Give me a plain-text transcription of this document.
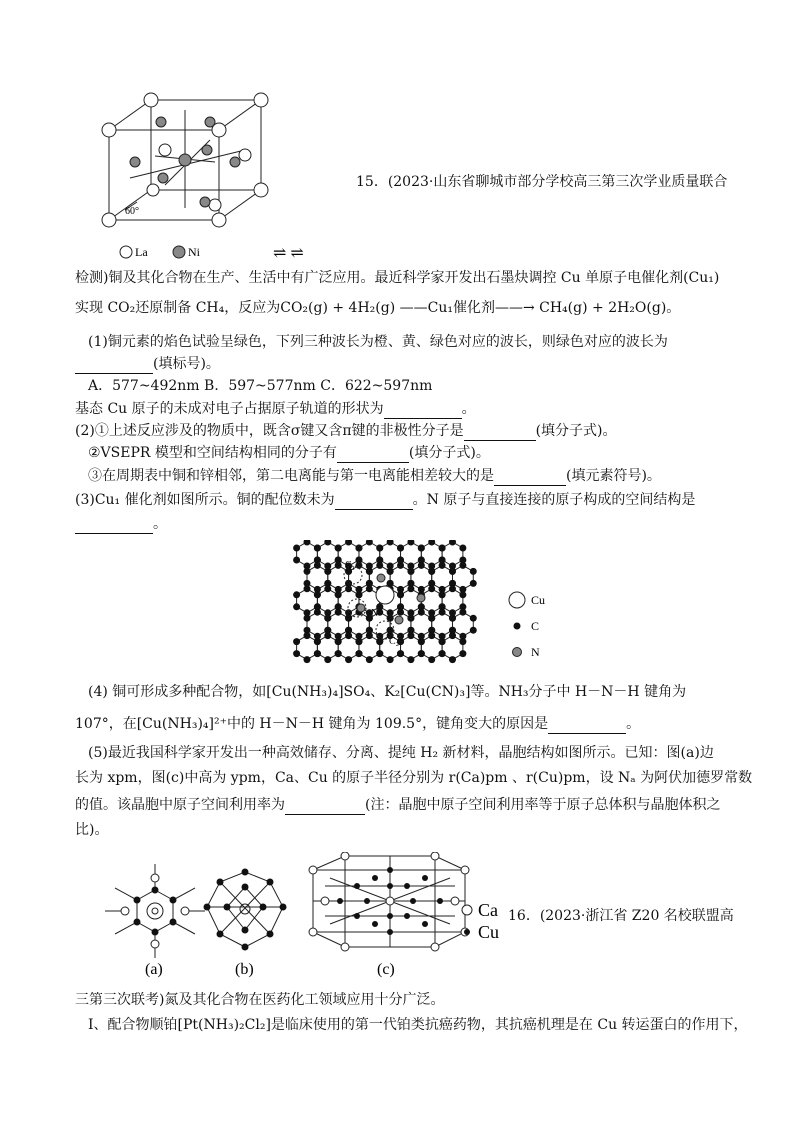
60°
La	Ni	⇌ ⇌
15．(2023·山东省聊城市部分学校高三第三次学业质量联合
检测)铜及其化合物在生产、生活中有广泛应用。最近科学家开发出石墨炔调控 Cu 单原子电催化剂(Cu₁)
实现 CO₂还原制备 CH₄，反应为CO₂(g) + 4H₂(g) ——Cu₁催化剂——→ CH₄(g) + 2H₂O(g)。
(1)铜元素的焰色试验呈绿色，下列三种波长为橙、黄、绿色对应的波长，则绿色对应的波长为
(填标号)。
A．577~492nm B．597~577nm C．622~597nm
基态 Cu 原子的未成对电子占据原子轨道的形状为	。
(2)①上述反应涉及的物质中，既含σ键又含π键的非极性分子是	(填分子式)。
②VSEPR 模型和空间结构相同的分子有	(填分子式)。
③在周期表中铜和锌相邻，第二电离能与第一电离能相差较大的是	(填元素符号)。
(3)Cu₁ 催化剂如图所示。铜的配位数未为	。N 原子与直接连接的原子构成的空间结构是
。
C₁
N
C₂
Cu
C
N
(4) 铜可形成多种配合物，如[Cu(NH₃)₄]SO₄、K₂[Cu(CN)₃]等。NH₃分子中 H－N－H 键角为
107°，在[Cu(NH₃)₄]²⁺中的 H－N－H 键角为 109.5°，键角变大的原因是	。
(5)最近我国科学家开发出一种高效储存、分离、提纯 H₂ 新材料，晶胞结构如图所示。已知：图(a)边
长为 xpm，图(c)中高为 ypm，Ca、Cu 的原子半径分别为 r(Ca)pm 、r(Cu)pm，设 Nₐ 为阿伏加德罗常数
的值。该晶胞中原子空间利用率为	(注：晶胞中原子空间利用率等于原子总体积与晶胞体积之
比)。
(a)	(b)	(c)
Ca
Cu
16．(2023·浙江省 Z20 名校联盟高
三第三次联考)氮及其化合物在医药化工领域应用十分广泛。
I、配合物顺铂[Pt(NH₃)₂Cl₂]是临床使用的第一代铂类抗癌药物，其抗癌机理是在 Cu 转运蛋白的作用下，
